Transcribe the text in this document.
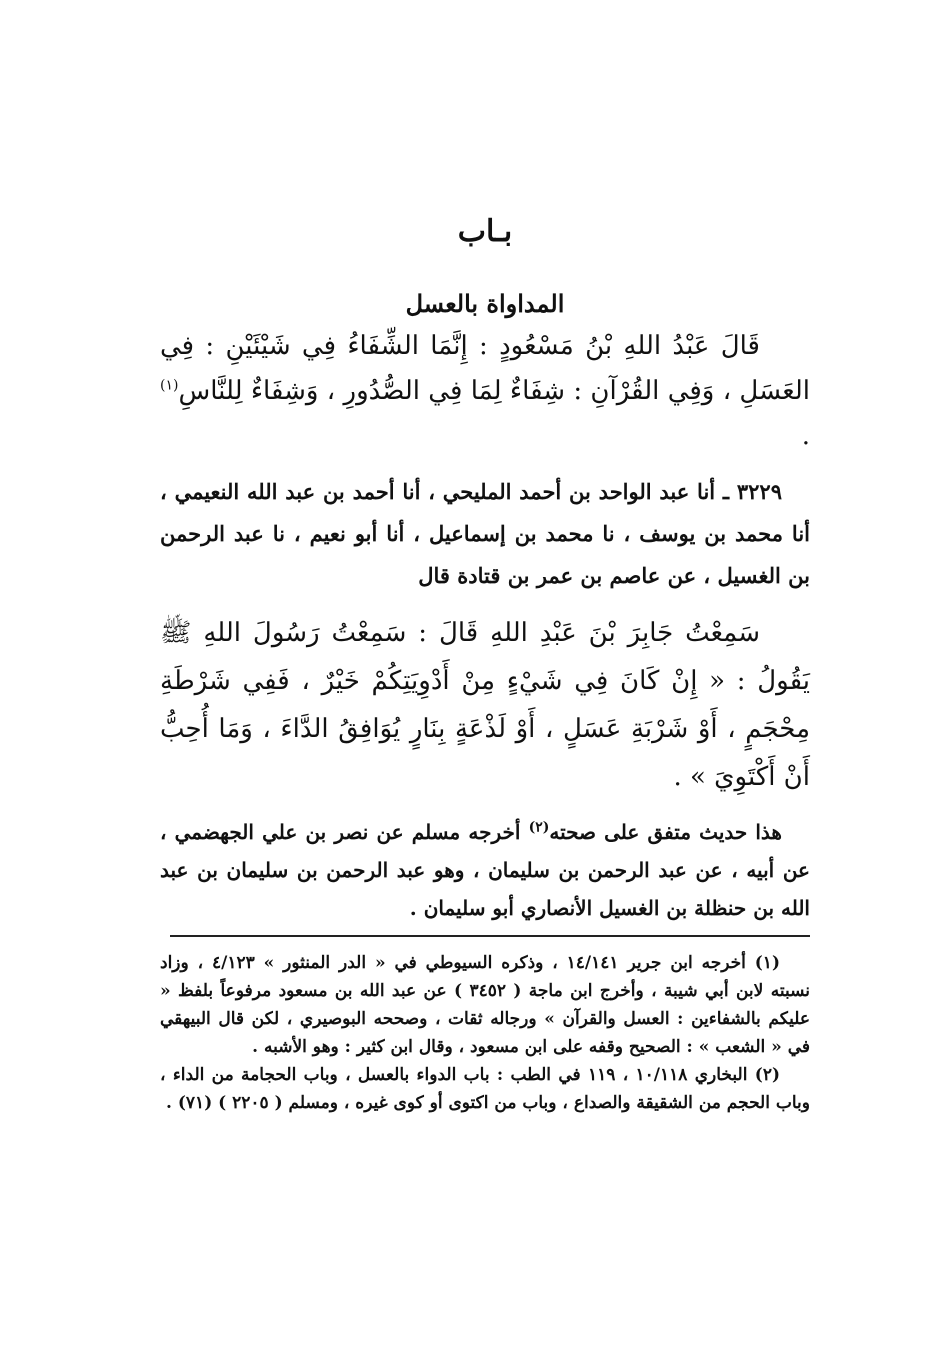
بـاب
المداواة بالعسل

قَالَ عَبْدُ اللهِ بْنُ مَسْعُودٍ : إِنَّمَا الشِّفَاءُ فِي شَيْئَيْنِ : فِي العَسَلِ ، وَفِي القُرْآنِ : شِفَاءٌ لِمَا فِي الصُّدُورِ ، وَشِفَاءٌ لِلنَّاسِ$^{(١)}$ .

٣٢٢٩ ـ أنا عبد الواحد بن أحمد المليحي ، أنا أحمد بن عبد الله النعيمي ، أنا محمد بن يوسف ، نا محمد بن إسماعيل ، أنا أبو نعيم ، نا عبد الرحمن بن الغسيل ، عن عاصم بن عمر بن قتادة قال

سَمِعْتُ جَابِرَ بْنَ عَبْدِ اللهِ قَالَ : سَمِعْتُ رَسُولَ اللهِ ﷺ يَقُولُ : « إِنْ كَانَ فِي شَيْءٍ مِنْ أَدْوِيَتِكُمْ خَيْرٌ ، فَفِي شَرْطَةِ مِحْجَمٍ ، أَوْ شَرْبَةِ عَسَلٍ ، أَوْ لَذْعَةٍ بِنَارٍ يُوَافِقُ الدَّاءَ ، وَمَا أُحِبُّ أَنْ أَكْتَوِيَ » .

هذا حديث متفق على صحته$^{(٢)}$ أخرجه مسلم عن نصر بن علي الجهضمي ، عن أبيه ، عن عبد الرحمن بن سليمان ، وهو عبد الرحمن بن سليمان بن عبد الله بن حنظلة بن الغسيل الأنصاري أبو سليمان .

(١) أخرجه ابن جرير ١٤/١٤١ ، وذكره السيوطي في « الدر المنثور » ٤/١٢٣ ، وزاد نسبته لابن أبي شيبة ، وأخرج ابن ماجة ( ٣٤٥٢ ) عن عبد الله بن مسعود مرفوعاً بلفظ « عليكم بالشفاءين : العسل والقرآن » ورجاله ثقات ، وصححه البوصيري ، لكن قال البيهقي في « الشعب » : الصحيح وقفه على ابن مسعود ، وقال ابن كثير : وهو الأشبه .

(٢) البخاري ١٠/١١٨ ، ١١٩ في الطب : باب الدواء بالعسل ، وباب الحجامة من الداء ، وباب الحجم من الشقيقة والصداع ، وباب من اكتوى أو كوى غيره ، ومسلم ( ٢٢٠٥ ) (٧١) .
